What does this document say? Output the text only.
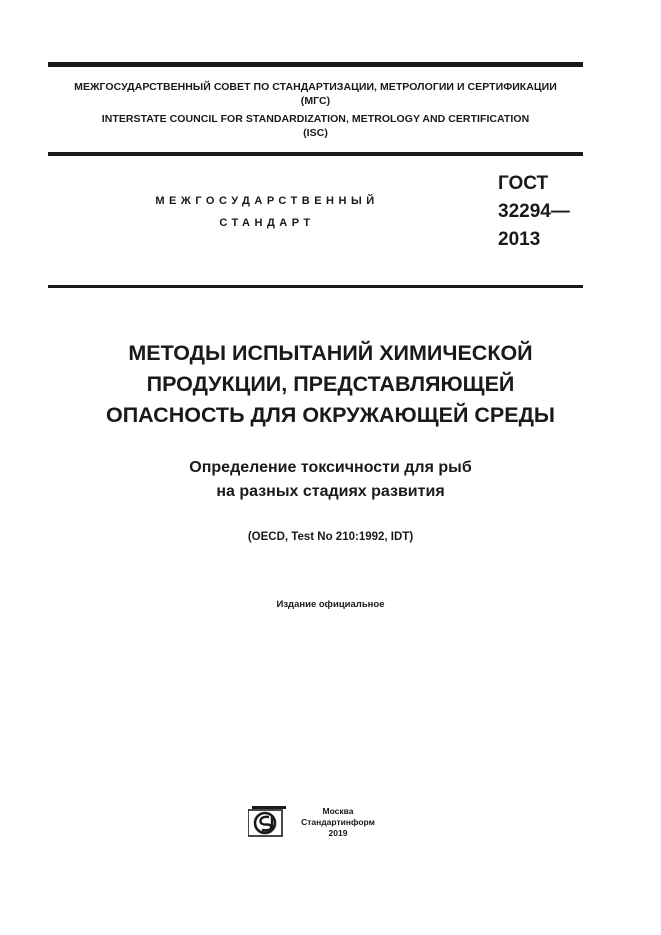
МЕЖГОСУДАРСТВЕННЫЙ СОВЕТ ПО СТАНДАРТИЗАЦИИ, МЕТРОЛОГИИ И СЕРТИФИКАЦИИ
(МГС)
INTERSTATE COUNCIL FOR STANDARDIZATION, METROLOGY AND CERTIFICATION
(ISC)
МЕЖГОСУДАРСТВЕННЫЙ
СТАНДАРТ
ГОСТ
32294—
2013
МЕТОДЫ ИСПЫТАНИЙ ХИМИЧЕСКОЙ
ПРОДУКЦИИ, ПРЕДСТАВЛЯЮЩЕЙ
ОПАСНОСТЬ ДЛЯ ОКРУЖАЮЩЕЙ СРЕДЫ
Определение токсичности для рыб
на разных стадиях развития
(OECD, Test No 210:1992, IDT)
Издание официальное
Москва
Стандартинформ
2019
